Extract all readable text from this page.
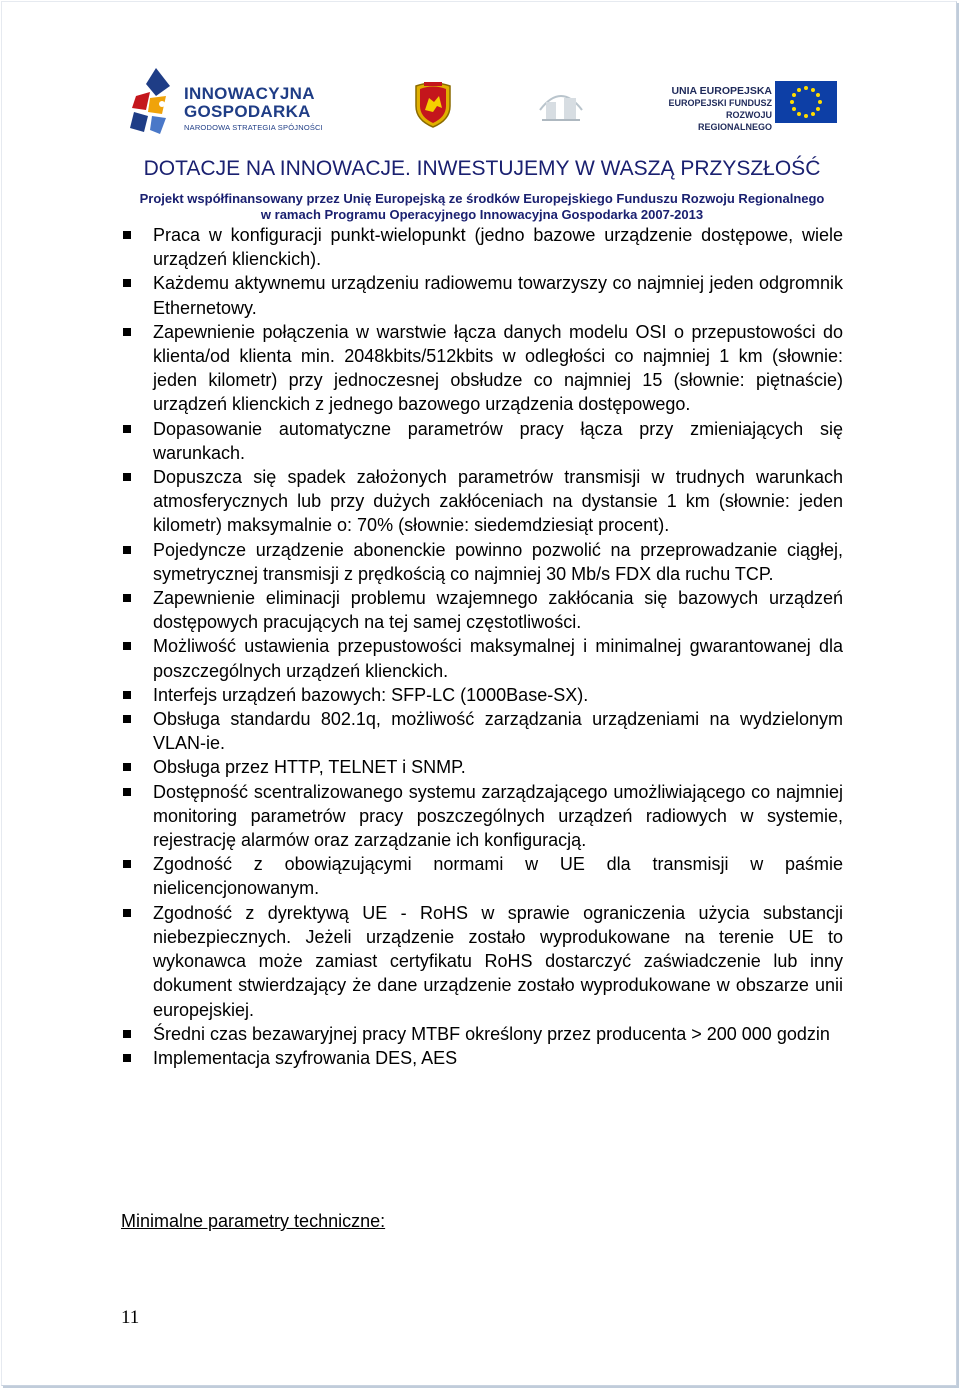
INNOWACYJNA
GOSPODARKA
NARODOWA STRATEGIA SPÓJNOŚCI
UNIA EUROPEJSKA
EUROPEJSKI FUNDUSZ
ROZWOJU REGIONALNEGO
DOTACJE NA INNOWACJE. INWESTUJEMY W WASZĄ PRZYSZŁOŚĆ
Projekt współfinansowany przez Unię Europejską ze środków Europejskiego Funduszu Rozwoju Regionalnego
w ramach Programu Operacyjnego Innowacyjna Gospodarka 2007-2013
Praca w konfiguracji punkt-wielopunkt (jedno bazowe urządzenie dostępowe, wiele urządzeń klienckich).
Każdemu aktywnemu urządzeniu radiowemu towarzyszy co najmniej jeden odgromnik Ethernetowy.
Zapewnienie połączenia w warstwie łącza danych modelu OSI o przepustowości do klienta/od klienta min. 2048kbits/512kbits w odległości co najmniej 1 km (słownie: jeden kilometr) przy jednoczesnej obsłudze co najmniej 15 (słownie: piętnaście) urządzeń klienckich z jednego bazowego urządzenia dostępowego.
Dopasowanie automatyczne parametrów pracy łącza przy zmieniających się warunkach.
Dopuszcza się spadek założonych parametrów transmisji w trudnych warunkach atmosferycznych lub przy dużych zakłóceniach na dystansie 1 km (słownie: jeden kilometr) maksymalnie o: 70% (słownie: siedemdziesiąt procent).
Pojedyncze urządzenie abonenckie powinno pozwolić na przeprowadzanie ciągłej, symetrycznej transmisji z prędkością co najmniej 30 Mb/s FDX dla ruchu TCP.
Zapewnienie eliminacji problemu wzajemnego zakłócania się bazowych urządzeń dostępowych pracujących na tej samej częstotliwości.
Możliwość ustawienia przepustowości maksymalnej i minimalnej gwarantowanej dla poszczególnych urządzeń klienckich.
Interfejs urządzeń bazowych: SFP-LC (1000Base-SX).
Obsługa standardu 802.1q, możliwość zarządzania urządzeniami na wydzielonym VLAN-ie.
Obsługa przez HTTP, TELNET i SNMP.
Dostępność scentralizowanego systemu zarządzającego umożliwiającego co najmniej monitoring parametrów pracy poszczególnych urządzeń radiowych w systemie, rejestrację alarmów oraz zarządzanie ich konfiguracją.
Zgodność z obowiązującymi normami w UE dla transmisji w paśmie nielicencjonowanym.
Zgodność z dyrektywą UE - RoHS w sprawie ograniczenia użycia substancji niebezpiecznych. Jeżeli urządzenie zostało wyprodukowane na terenie UE to wykonawca może zamiast certyfikatu RoHS dostarczyć zaświadczenie lub inny dokument stwierdzający że dane urządzenie zostało wyprodukowane w obszarze unii europejskiej.
Średni czas bezawaryjnej pracy MTBF określony przez producenta > 200 000 godzin
Implementacja szyfrowania DES, AES
Minimalne parametry techniczne:
11
